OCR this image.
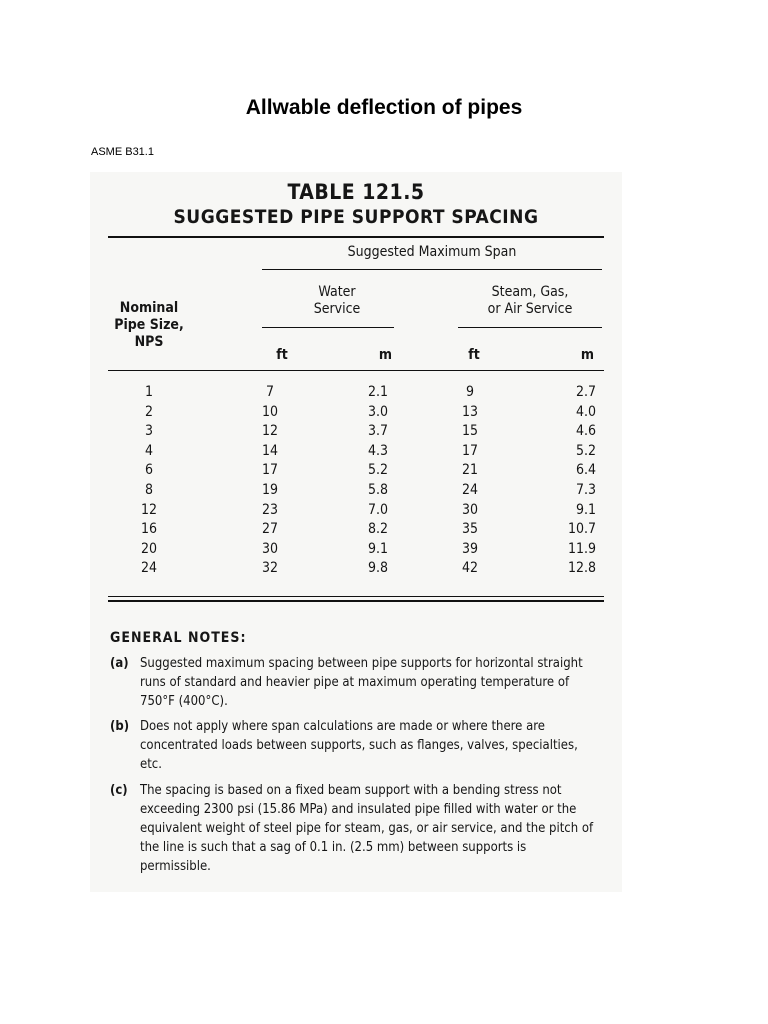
Allwable deflection of pipes
ASME B31.1
TABLE 121.5
SUGGESTED PIPE SUPPORT SPACING
Suggested Maximum Span
Nominal
Pipe Size,
NPS
Water
Service
Steam, Gas,
or Air Service
ft	m	ft	m
1	7	2.1	9	2.7
2	10	3.0	13	4.0
3	12	3.7	15	4.6
4	14	4.3	17	5.2
6	17	5.2	21	6.4
8	19	5.8	24	7.3
12	23	7.0	30	9.1
16	27	8.2	35	10.7
20	30	9.1	39	11.9
24	32	9.8	42	12.8
GENERAL NOTES:
(a) Suggested maximum spacing between pipe supports for horizontal straight runs of standard and heavier pipe at maximum operating temperature of 750°F (400°C).
(b) Does not apply where span calculations are made or where there are concentrated loads between supports, such as flanges, valves, specialties, etc.
(c) The spacing is based on a fixed beam support with a bending stress not exceeding 2300 psi (15.86 MPa) and insulated pipe filled with water or the equivalent weight of steel pipe for steam, gas, or air service, and the pitch of the line is such that a sag of 0.1 in. (2.5 mm) between supports is permissible.
